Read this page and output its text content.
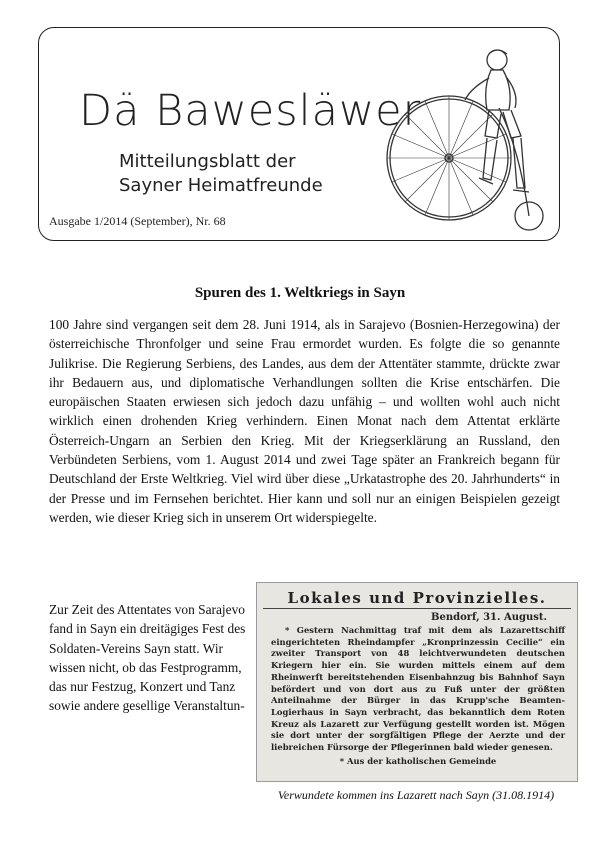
Dä Bawesläwer
Mitteilungsblatt der
Sayner Heimatfreunde
Ausgabe 1/2014 (September), Nr. 68
Spuren des 1. Weltkriegs in Sayn

100 Jahre sind vergangen seit dem 28. Juni 1914, als in Sarajevo (Bosnien-Herzegowina) der österreichische Thronfolger und seine Frau ermordet wurden. Es folgte die so genannte Julikrise. Die Regierung Serbiens, des Landes, aus dem der Attentäter stammte, drückte zwar ihr Bedauern aus, und diplomatische Verhandlungen sollten die Krise entschärfen. Die europäischen Staaten erwiesen sich jedoch dazu unfähig – und wollten wohl auch nicht wirklich einen drohenden Krieg verhindern. Einen Monat nach dem Attentat erklärte Österreich-Ungarn an Serbien den Krieg. Mit der Kriegserklärung an Russland, den Verbündeten Serbiens, vom 1. August 2014 und zwei Tage später an Frankreich begann für Deutschland der Erste Weltkrieg. Viel wird über diese „Urkatastrophe des 20. Jahrhunderts“ in der Presse und im Fernsehen berichtet. Hier kann und soll nur an einigen Beispielen gezeigt werden, wie dieser Krieg sich in unserem Ort widerspiegelte.

Zur Zeit des Attentates von Sarajevo fand in Sayn ein dreitägiges Fest des Soldaten-Vereins Sayn statt. Wir wissen nicht, ob das Festprogramm, das nur Festzug, Konzert und Tanz sowie andere gesellige Veranstaltun-
Lokales und Provinzielles.
Bendorf, 31. August.

* Gestern Nachmittag traf mit dem als Lazarettschiff eingerichteten Rheindampfer „Kronprinzessin Cecilie“ ein zweiter Transport von 48 leichtverwundeten deutschen Kriegern hier ein. Sie wurden mittels einem auf dem Rheinwerft bereitstehenden Eisenbahnzug bis Bahnhof Sayn befördert und von dort aus zu Fuß unter der größten Anteilnahme der Bürger in das Krupp'sche Beamten-Logierhaus in Sayn verbracht, das bekanntlich dem Roten Kreuz als Lazarett zur Verfügung gestellt worden ist. Mögen sie dort unter der sorgfältigen Pflege der Aerzte und der liebreichen Fürsorge der Pflegerinnen bald wieder genesen.

* Aus der katholischen Gemeinde

Verwundete kommen ins Lazarett nach Sayn (31.08.1914)
